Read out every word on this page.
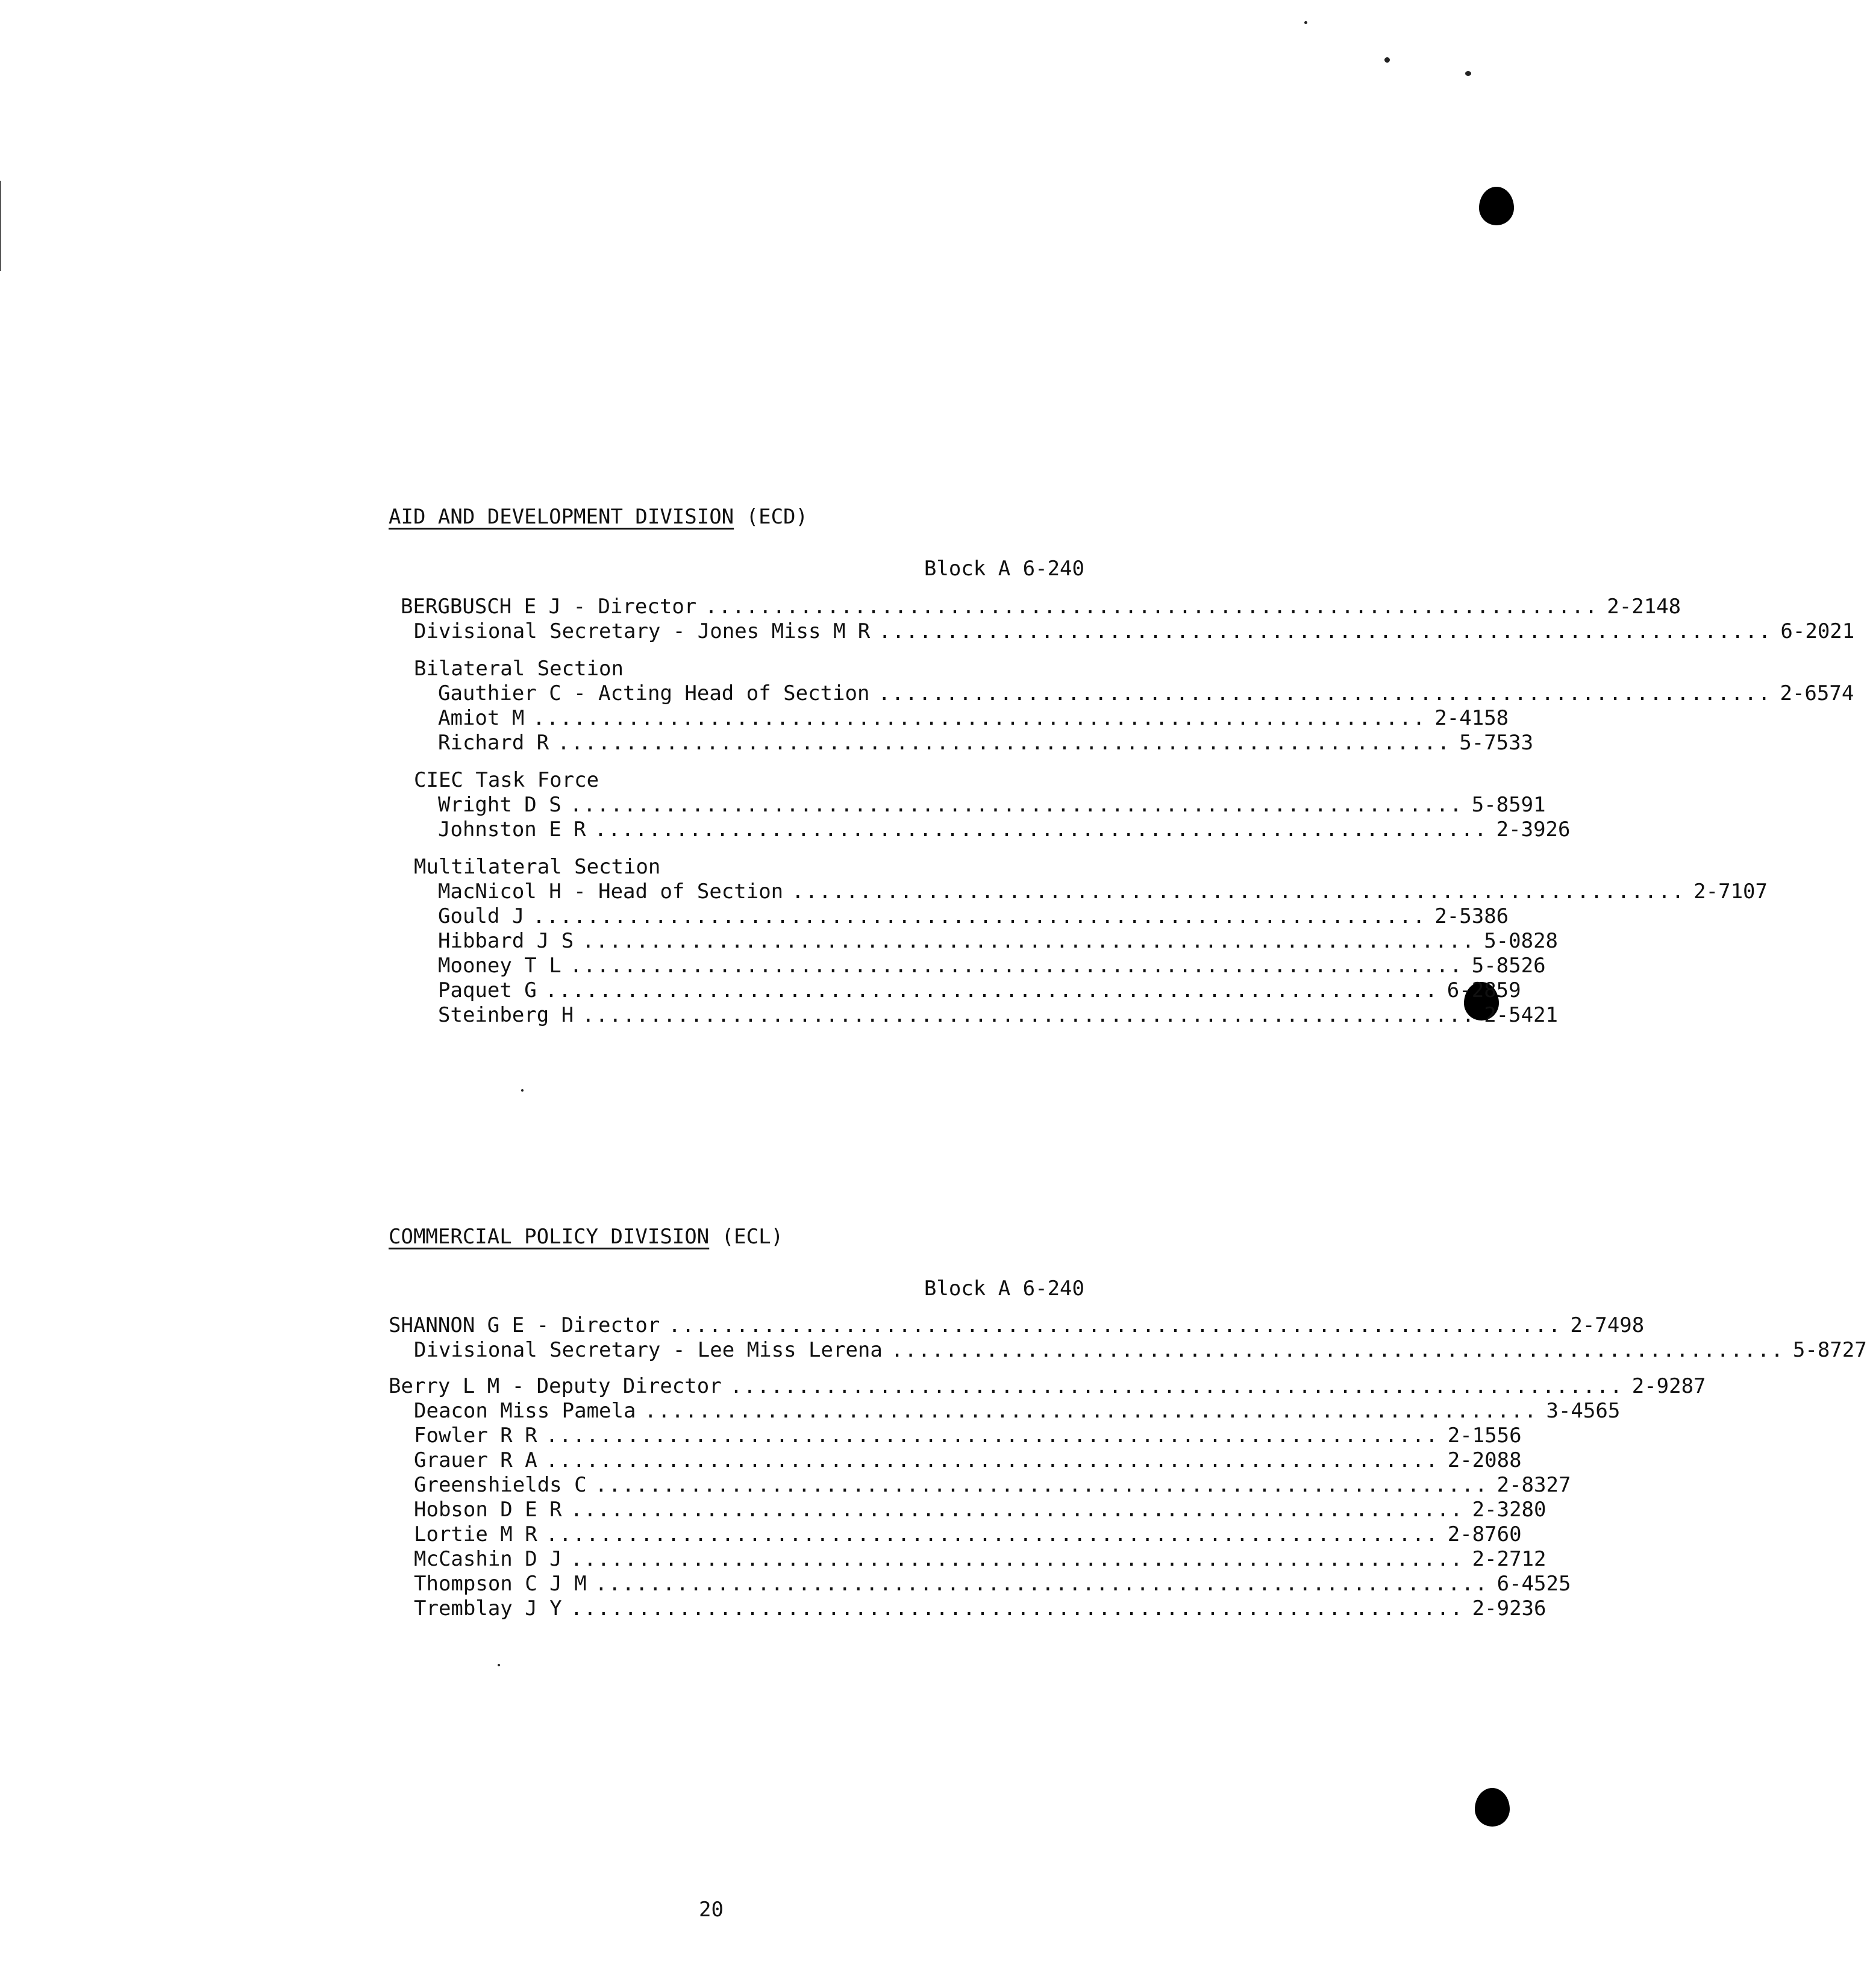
AID AND DEVELOPMENT DIVISION (ECD)
Block A 6-240
BERGBUSCH E J - Director .................................................................. 2-2148
Divisional Secretary - Jones Miss M R .................................................................. 6-2021
Bilateral Section
Gauthier C - Acting Head of Section .................................................................. 2-6574
Amiot M .................................................................. 2-4158
Richard R .................................................................. 5-7533
CIEC Task Force
Wright D S .................................................................. 5-8591
Johnston E R .................................................................. 2-3926
Multilateral Section
MacNicol H - Head of Section .................................................................. 2-7107
Gould J .................................................................. 2-5386
Hibbard J S .................................................................. 5-0828
Mooney T L .................................................................. 5-8526
Paquet G .................................................................. 6-2859
Steinberg H .................................................................. 2-5421
COMMERCIAL POLICY DIVISION (ECL)
Block A 6-240
SHANNON G E - Director .................................................................. 2-7498
Divisional Secretary - Lee Miss Lerena .................................................................. 5-8727
Berry L M - Deputy Director .................................................................. 2-9287
Deacon Miss Pamela .................................................................. 3-4565
Fowler R R .................................................................. 2-1556
Grauer R A .................................................................. 2-2088
Greenshields C .................................................................. 2-8327
Hobson D E R .................................................................. 2-3280
Lortie M R .................................................................. 2-8760
McCashin D J .................................................................. 2-2712
Thompson C J M .................................................................. 6-4525
Tremblay J Y .................................................................. 2-9236
20
